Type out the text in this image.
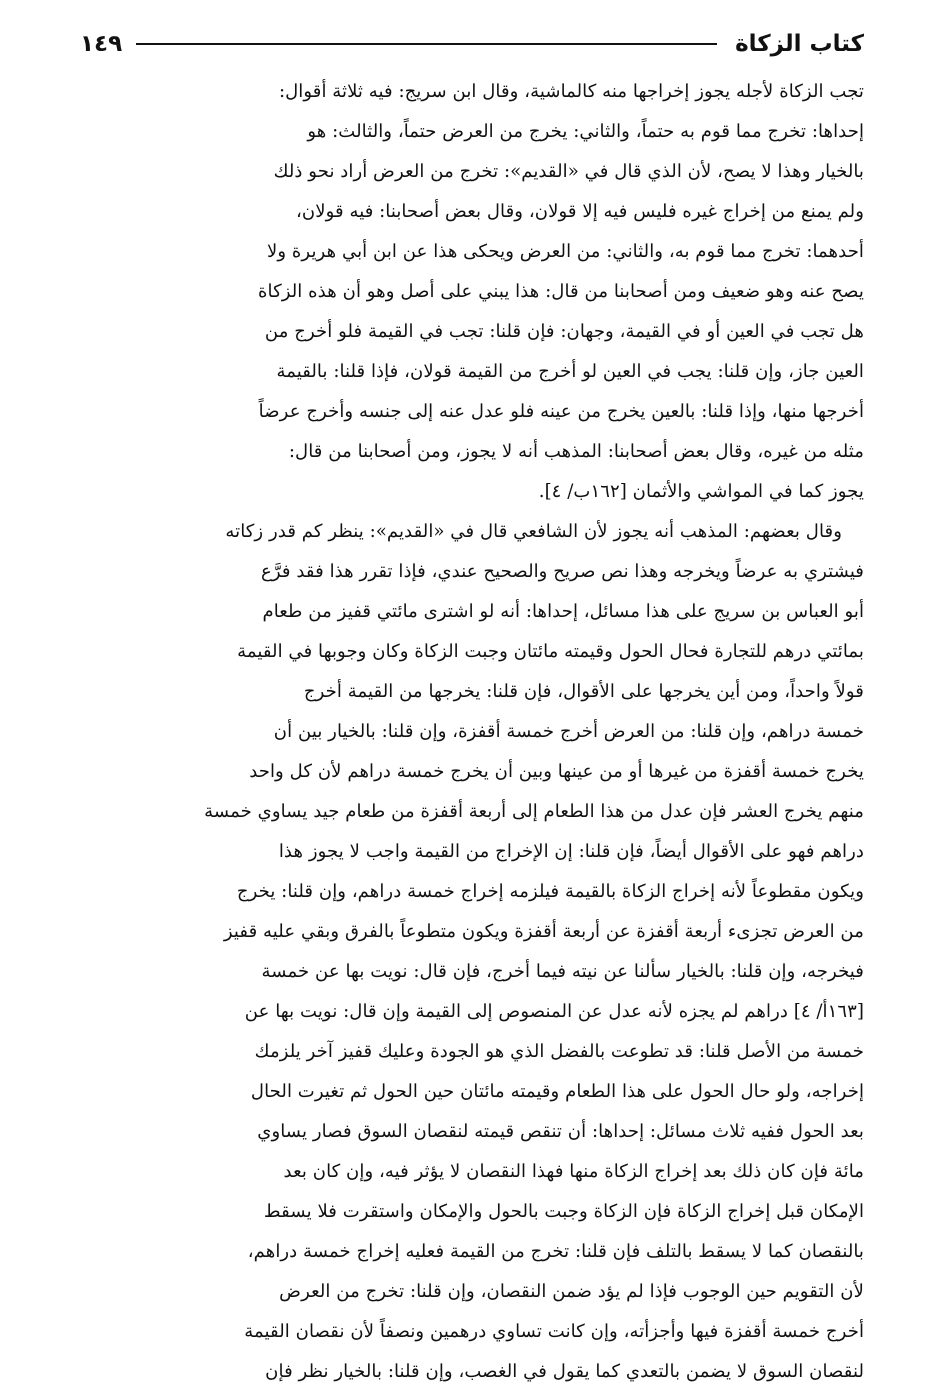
كتاب الزكاة
١٤٩
تجب الزكاة لأجله يجوز إخراجها منه كالماشية، وقال ابن سريج: فيه ثلاثة أقوال:
إحداها: تخرج مما قوم به حتماً، والثاني: يخرج من العرض حتماً، والثالث: هو
بالخيار وهذا لا يصح، لأن الذي قال في «القديم»: تخرج من العرض أراد نحو ذلك
ولم يمنع من إخراج غيره فليس فيه إلا قولان، وقال بعض أصحابنا: فيه قولان،
أحدهما: تخرج مما قوم به، والثاني: من العرض ويحكى هذا عن ابن أبي هريرة ولا
يصح عنه وهو ضعيف ومن أصحابنا من قال: هذا يبني على أصل وهو أن هذه الزكاة
هل تجب في العين أو في القيمة، وجهان: فإن قلنا: تجب في القيمة فلو أخرج من
العين جاز، وإن قلنا: يجب في العين لو أخرج من القيمة قولان، فإذا قلنا: بالقيمة
أخرجها منها، وإذا قلنا: بالعين يخرج من عينه فلو عدل عنه إلى جنسه وأخرج عرضاً
مثله من غيره، وقال بعض أصحابنا: المذهب أنه لا يجوز، ومن أصحابنا من قال:
يجوز كما في المواشي والأثمان [١٦٢ب/ ٤].
وقال بعضهم: المذهب أنه يجوز لأن الشافعي قال في «القديم»: ينظر كم قدر زكاته
فيشتري به عرضاً ويخرجه وهذا نص صريح والصحيح عندي، فإذا تقرر هذا فقد فرَّع
أبو العباس بن سريج على هذا مسائل، إحداها: أنه لو اشترى مائتي قفيز من طعام
بمائتي درهم للتجارة فحال الحول وقيمته مائتان وجبت الزكاة وكان وجوبها في القيمة
قولاً واحداً، ومن أين يخرجها على الأقوال، فإن قلنا: يخرجها من القيمة أخرج
خمسة دراهم، وإن قلنا: من العرض أخرج خمسة أقفزة، وإن قلنا: بالخيار بين أن
يخرج خمسة أقفزة من غيرها أو من عينها وبين أن يخرج خمسة دراهم لأن كل واحد
منهم يخرج العشر فإن عدل من هذا الطعام إلى أربعة أقفزة من طعام جيد يساوي خمسة
دراهم فهو على الأقوال أيضاً، فإن قلنا: إن الإخراج من القيمة واجب لا يجوز هذا
ويكون مقطوعاً لأنه إخراج الزكاة بالقيمة فيلزمه إخراج خمسة دراهم، وإن قلنا: يخرج
من العرض تجزىء أربعة أقفزة عن أربعة أقفزة ويكون متطوعاً بالفرق وبقي عليه قفيز
فيخرجه، وإن قلنا: بالخيار سألنا عن نيته فيما أخرج، فإن قال: نويت بها عن خمسة
[١٦٣أ/ ٤] دراهم لم يجزه لأنه عدل عن المنصوص إلى القيمة وإن قال: نويت بها عن
خمسة من الأصل قلنا: قد تطوعت بالفضل الذي هو الجودة وعليك قفيز آخر يلزمك
إخراجه، ولو حال الحول على هذا الطعام وقيمته مائتان حين الحول ثم تغيرت الحال
بعد الحول ففيه ثلاث مسائل: إحداها: أن تنقص قيمته لنقصان السوق فصار يساوي
مائة فإن كان ذلك بعد إخراج الزكاة منها فهذا النقصان لا يؤثر فيه، وإن كان بعد
الإمكان قبل إخراج الزكاة فإن الزكاة وجبت بالحول والإمكان واستقرت فلا يسقط
بالنقصان كما لا يسقط بالتلف فإن قلنا: تخرج من القيمة فعليه إخراج خمسة دراهم،
لأن التقويم حين الوجوب فإذا لم يؤد ضمن النقصان، وإن قلنا: تخرج من العرض
أخرج خمسة أقفزة فيها وأجزأته، وإن كانت تساوي درهمين ونصفاً لأن نقصان القيمة
لنقصان السوق لا يضمن بالتعدي كما يقول في الغصب، وإن قلنا: بالخيار نظر فإن
